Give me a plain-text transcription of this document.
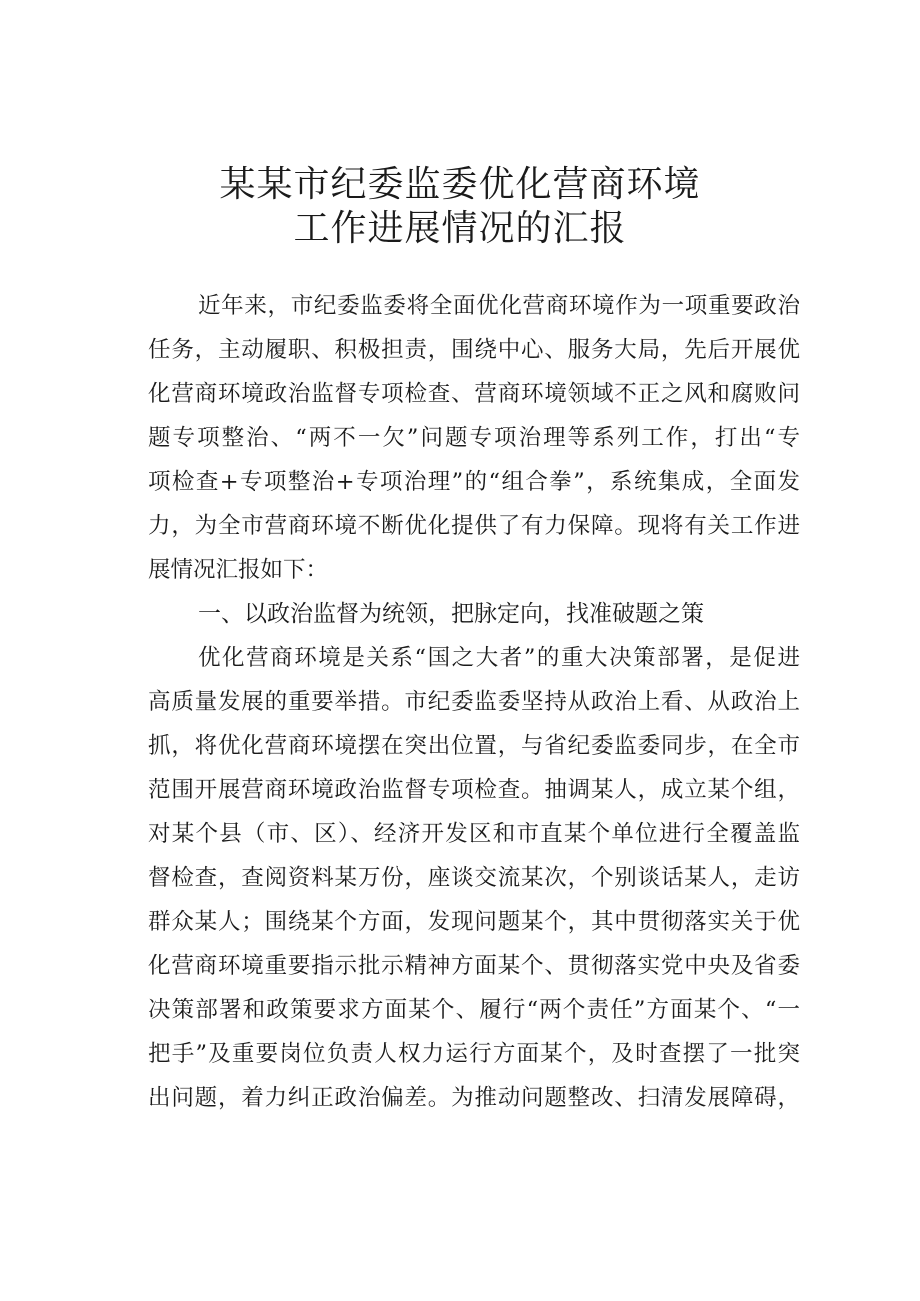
某某市纪委监委优化营商环境
工作进展情况的汇报
近年来，市纪委监委将全面优化营商环境作为一项重要政治
任务，主动履职、积极担责，围绕中心、服务大局，先后开展优
化营商环境政治监督专项检查、营商环境领域不正之风和腐败问
题专项整治、“两不一欠”问题专项治理等系列工作，打出“专
项检查+专项整治+专项治理”的“组合拳”，系统集成，全面发
力，为全市营商环境不断优化提供了有力保障。现将有关工作进
展情况汇报如下：
一、以政治监督为统领，把脉定向，找准破题之策
优化营商环境是关系“国之大者”的重大决策部署，是促进
高质量发展的重要举措。市纪委监委坚持从政治上看、从政治上
抓，将优化营商环境摆在突出位置，与省纪委监委同步，在全市
范围开展营商环境政治监督专项检查。抽调某人，成立某个组，
对某个县（市、区）、经济开发区和市直某个单位进行全覆盖监
督检查，查阅资料某万份，座谈交流某次，个别谈话某人，走访
群众某人；围绕某个方面，发现问题某个，其中贯彻落实关于优
化营商环境重要指示批示精神方面某个、贯彻落实党中央及省委
决策部署和政策要求方面某个、履行“两个责任”方面某个、“一
把手”及重要岗位负责人权力运行方面某个，及时查摆了一批突
出问题，着力纠正政治偏差。为推动问题整改、扫清发展障碍，
